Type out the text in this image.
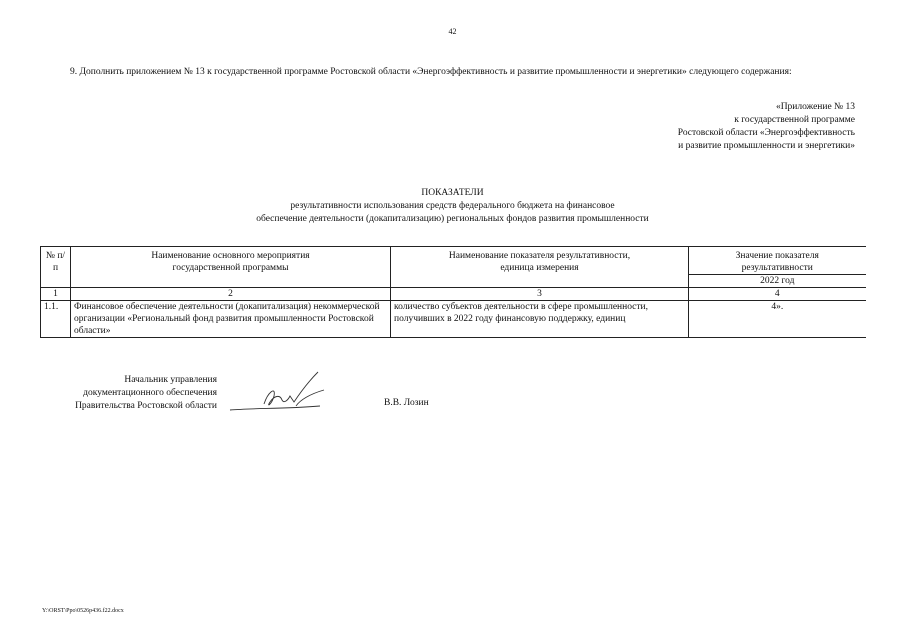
42
9. Дополнить приложением № 13 к государственной программе Ростовской области «Энергоэффективность и развитие промышленности и энергетики» следующего содержания:
«Приложение № 13
к государственной программе
Ростовской области «Энергоэффективность
и развитие промышленности и энергетики»
ПОКАЗАТЕЛИ
результативности использования средств федерального бюджета на финансовое
обеспечение деятельности (докапитализацию) региональных фондов развития промышленности
№ п/п	Наименование основного мероприятия государственной программы	Наименование показателя результативности, единица измерения	Значение показателя результативности
			2022 год
1	2	3	4
1.1.	Финансовое обеспечение деятельности (докапитализация) некоммерческой организации «Региональный фонд развития промышленности Ростовской области»	количество субъектов деятельности в сфере промышленности, получивших в 2022 году финансовую поддержку, единиц	4».
Начальник управления
документационного обеспечения
Правительства Ростовской области	В.В. Лозин
Y:\ORST\Ppo\0526p436.f22.docx
